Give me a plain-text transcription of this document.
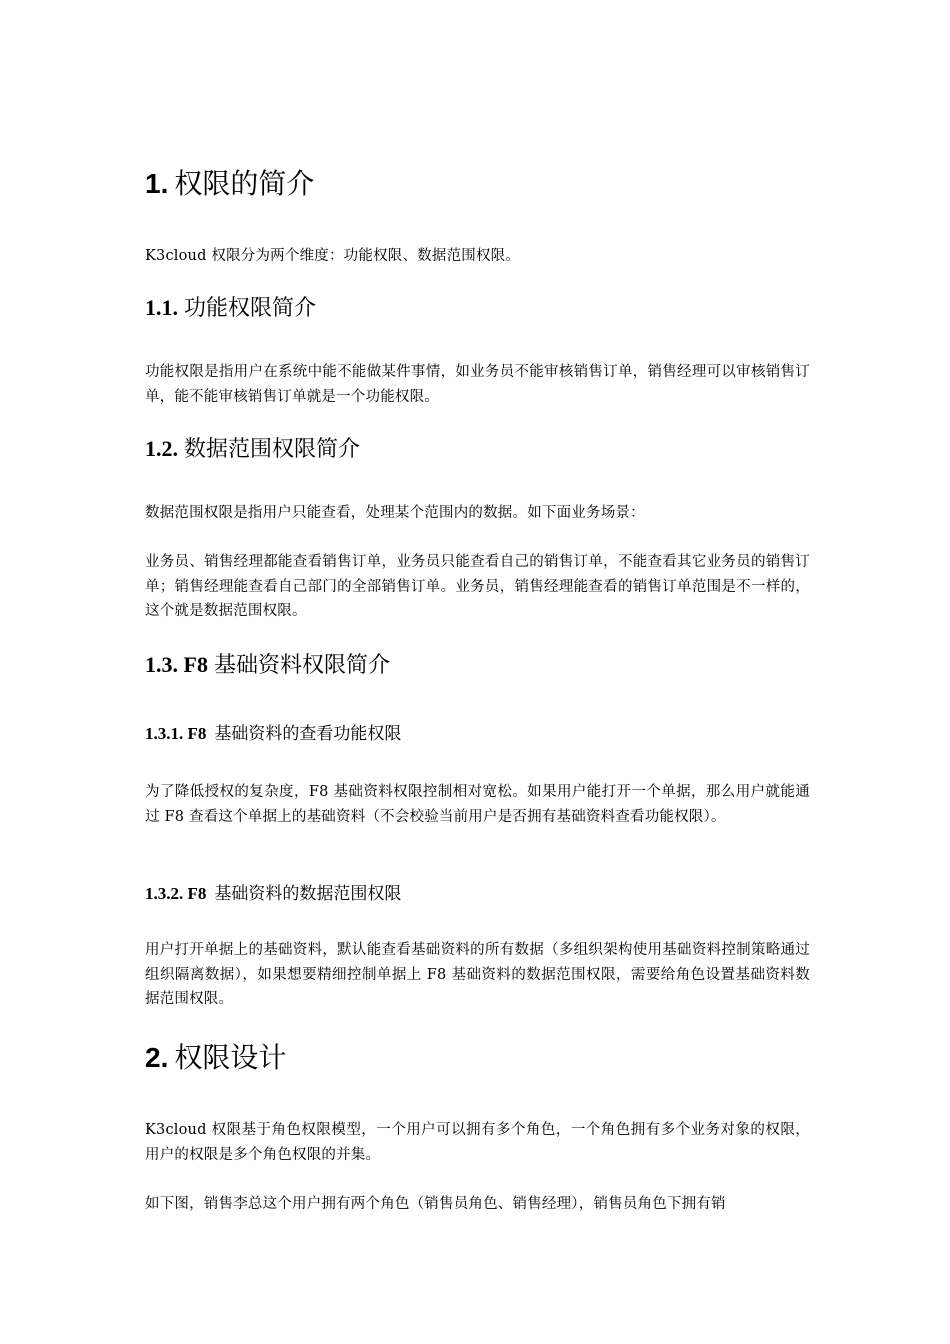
1. 权限的简介

K3cloud 权限分为两个维度：功能权限、数据范围权限。

1.1. 功能权限简介

功能权限是指用户在系统中能不能做某件事情，如业务员不能审核销售订单，销售经理可以审核销售订单，能不能审核销售订单就是一个功能权限。

1.2. 数据范围权限简介

数据范围权限是指用户只能查看，处理某个范围内的数据。如下面业务场景：

业务员、销售经理都能查看销售订单，业务员只能查看自己的销售订单，不能查看其它业务员的销售订单；销售经理能查看自己部门的全部销售订单。业务员，销售经理能查看的销售订单范围是不一样的，这个就是数据范围权限。

1.3. F8 基础资料权限简介
1.3.1. F8 基础资料的查看功能权限

为了降低授权的复杂度，F8 基础资料权限控制相对宽松。如果用户能打开一个单据，那么用户就能通过 F8 查看这个单据上的基础资料（不会校验当前用户是否拥有基础资料查看功能权限）。

1.3.2. F8 基础资料的数据范围权限

用户打开单据上的基础资料，默认能查看基础资料的所有数据（多组织架构使用基础资料控制策略通过组织隔离数据），如果想要精细控制单据上 F8 基础资料的数据范围权限，需要给角色设置基础资料数据范围权限。

2. 权限设计

K3cloud 权限基于角色权限模型，一个用户可以拥有多个角色，一个角色拥有多个业务对象的权限，用户的权限是多个角色权限的并集。

如下图，销售李总这个用户拥有两个角色（销售员角色、销售经理），销售员角色下拥有销
